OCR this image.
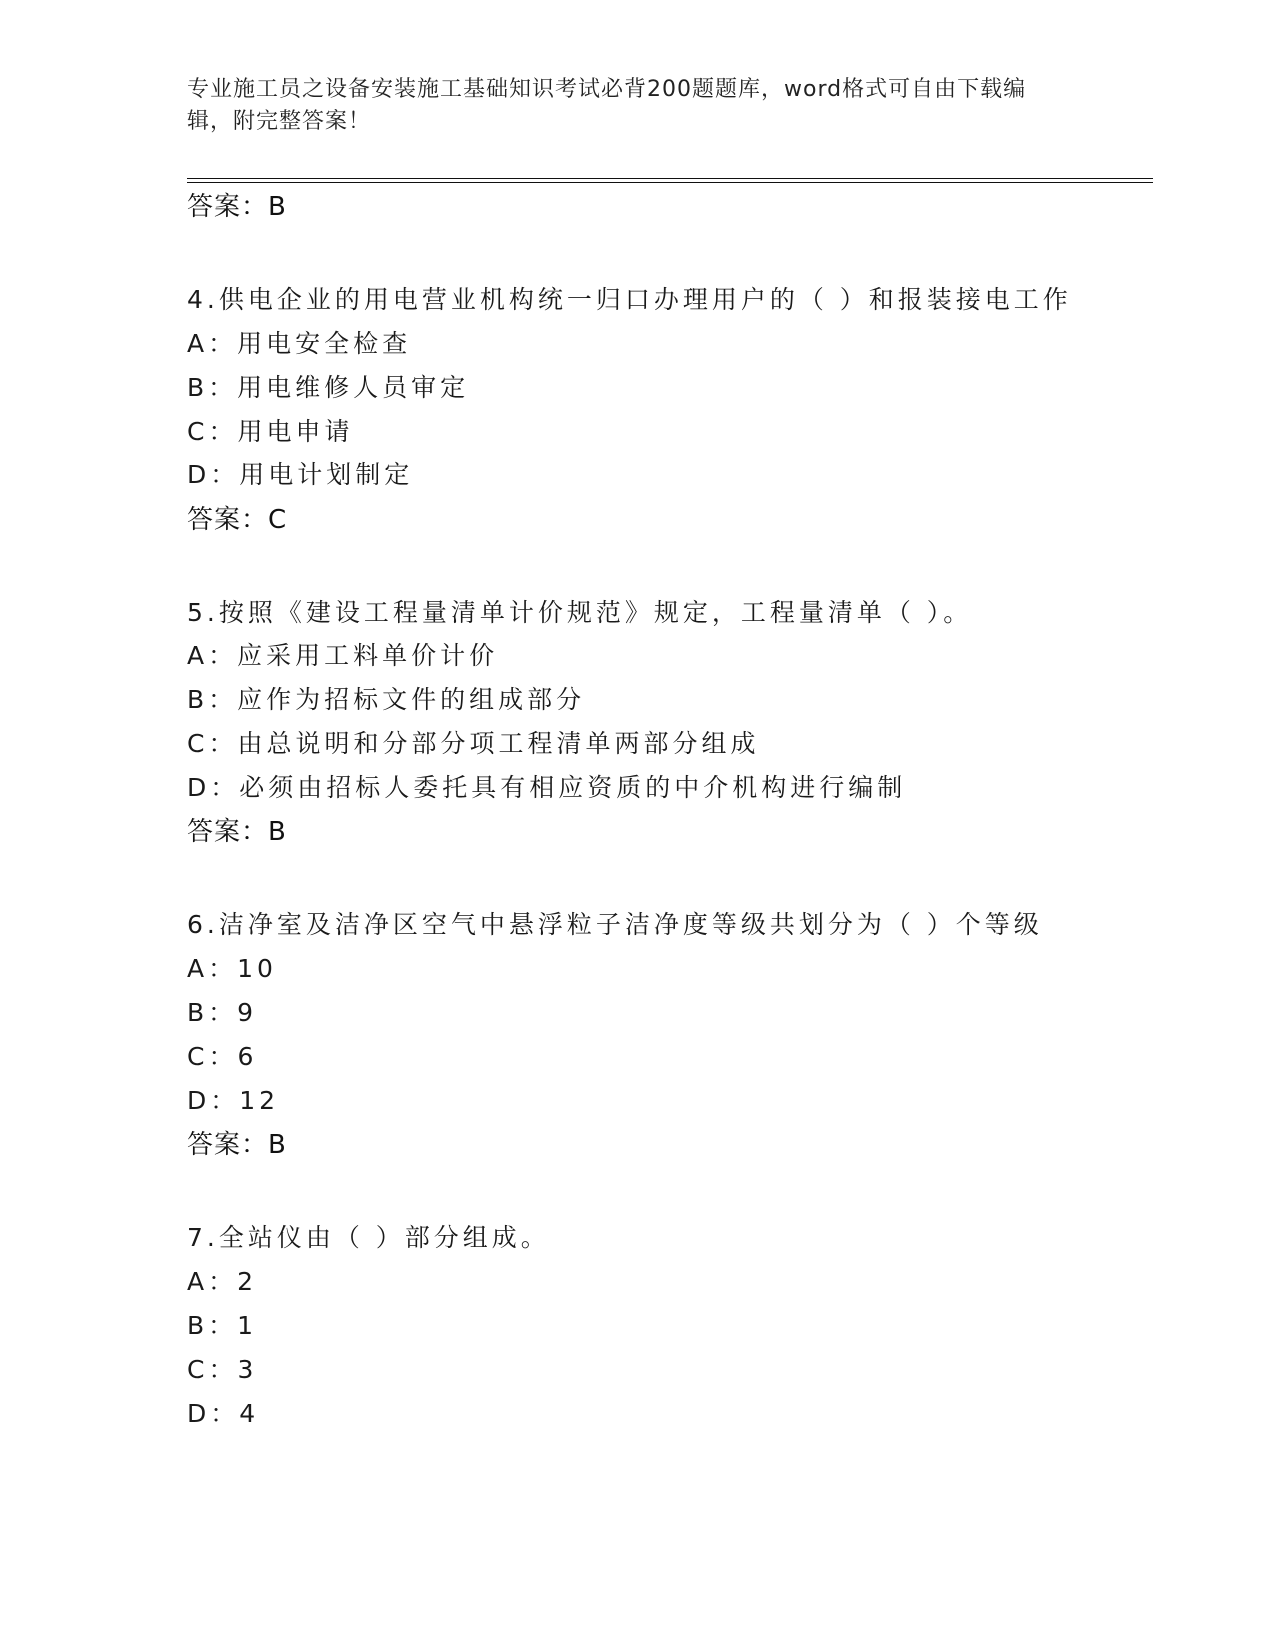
专业施工员之设备安装施工基础知识考试必背200题题库，word格式可自由下载编辑，附完整答案！
答案：B
4.供电企业的用电营业机构统一归口办理用户的（ ）和报装接电工作
A：用电安全检查
B：用电维修人员审定
C：用电申请
D：用电计划制定
答案：C
5.按照《建设工程量清单计价规范》规定，工程量清单（ ）。
A：应采用工料单价计价
B：应作为招标文件的组成部分
C：由总说明和分部分项工程清单两部分组成
D：必须由招标人委托具有相应资质的中介机构进行编制
答案：B
6.洁净室及洁净区空气中悬浮粒子洁净度等级共划分为（ ）个等级
A：10
B：9
C：6
D：12
答案：B
7.全站仪由（ ）部分组成。
A：2
B：1
C：3
D：4
